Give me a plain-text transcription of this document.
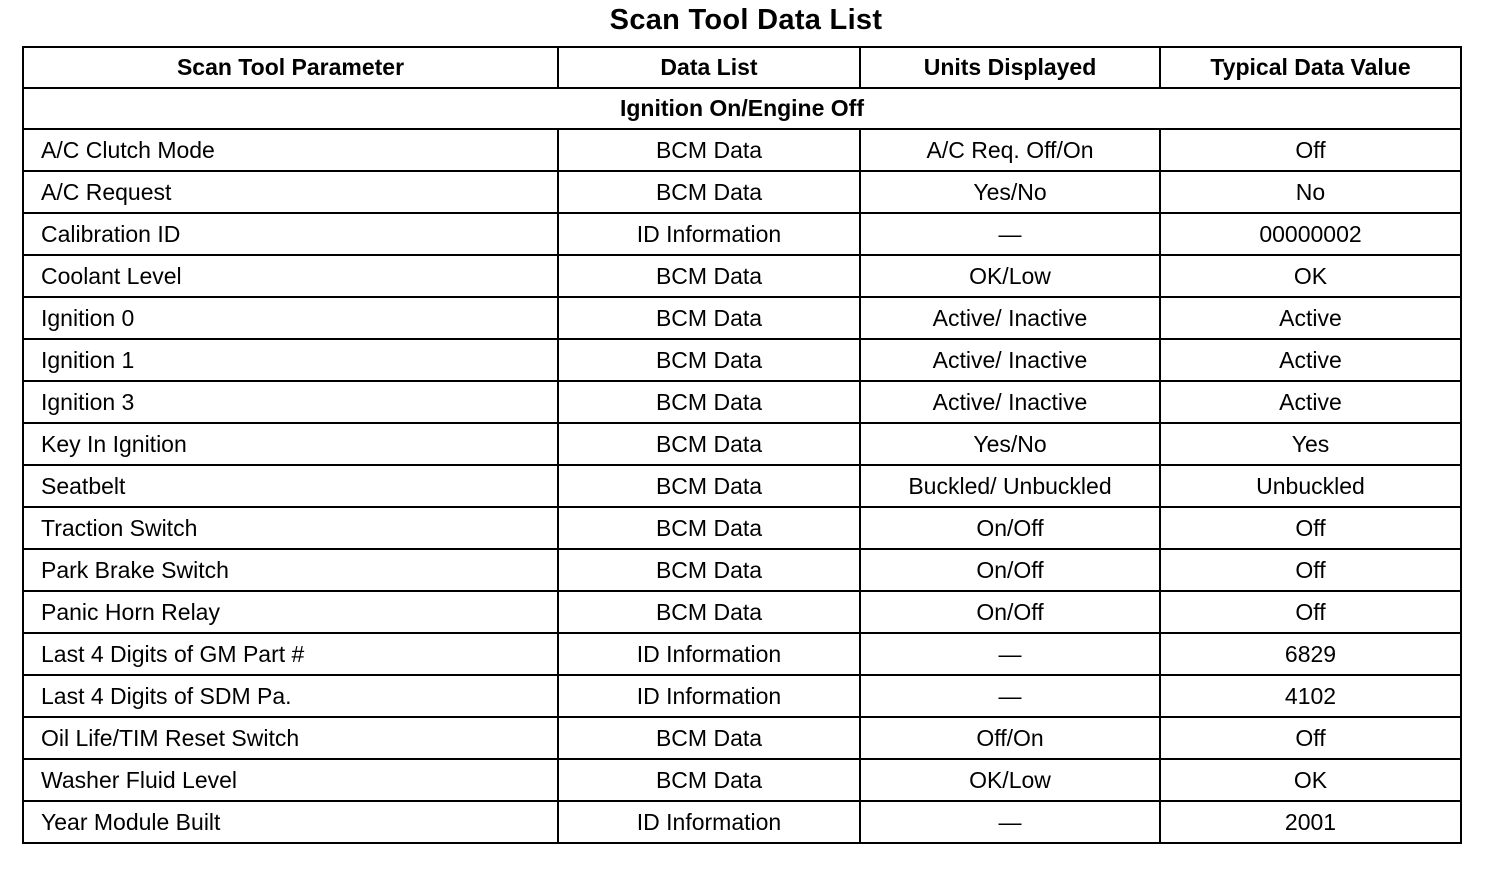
Scan Tool Data List
Scan Tool Parameter	Data List	Units Displayed	Typical Data Value
Ignition On/Engine Off			
A/C Clutch Mode	BCM Data	A/C Req. Off/On	Off
A/C Request	BCM Data	Yes/No	No
Calibration ID	ID Information	—	00000002
Coolant Level	BCM Data	OK/Low	OK
Ignition 0	BCM Data	Active/ Inactive	Active
Ignition 1	BCM Data	Active/ Inactive	Active
Ignition 3	BCM Data	Active/ Inactive	Active
Key In Ignition	BCM Data	Yes/No	Yes
Seatbelt	BCM Data	Buckled/ Unbuckled	Unbuckled
Traction Switch	BCM Data	On/Off	Off
Park Brake Switch	BCM Data	On/Off	Off
Panic Horn Relay	BCM Data	On/Off	Off
Last 4 Digits of GM Part #	ID Information	—	6829
Last 4 Digits of SDM Pa.	ID Information	—	4102
Oil Life/TIM Reset Switch	BCM Data	Off/On	Off
Washer Fluid Level	BCM Data	OK/Low	OK
Year Module Built	ID Information	—	2001
